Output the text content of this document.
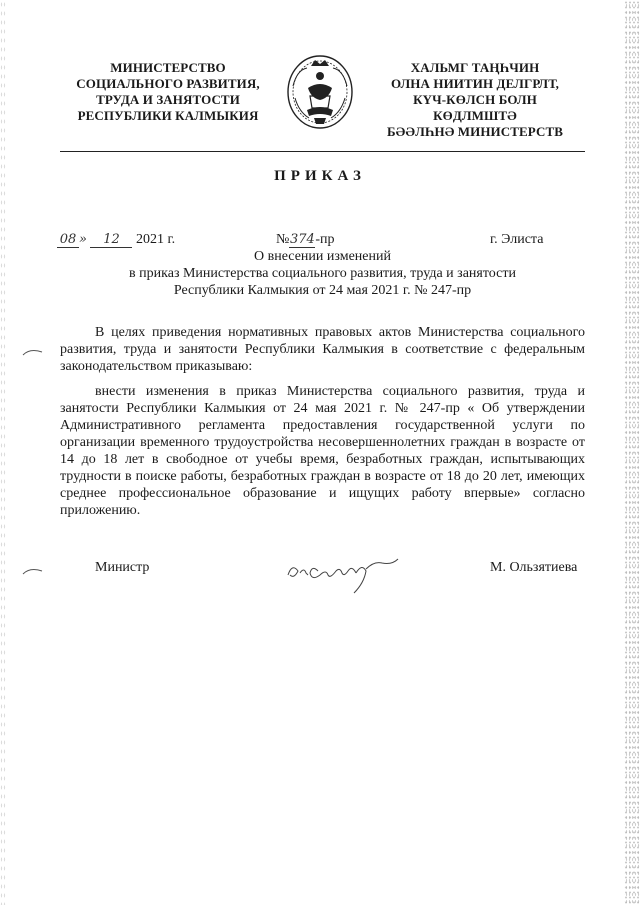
МИНИСТЕРСТВО
СОЦИАЛЬНОГО РАЗВИТИЯ,
ТРУДА И ЗАНЯТОСТИ
РЕСПУБЛИКИ КАЛМЫКИЯ
ХАЛЬМГ ТАҢҺЧИН
ОЛНА НИИТИН ДЕЛГРЛТ,
КҮЧ-КӨЛСН БОЛН
КӨДЛМШТӘ
БӘӘЛҺНӘ МИНИСТЕРСТВ
ПРИКАЗ
08 » 12 2021 г.	№374-пр	г. Элиста
О внесении изменений
в приказ Министерства социального развития, труда и занятости
Республики Калмыкия от 24 мая 2021 г. № 247-пр
В целях приведения нормативных правовых актов Министерства социального развития, труда и занятости Республики Калмыкия в соответствие с федеральным законодательством приказываю:
внести изменения в приказ Министерства социального развития, труда и занятости Республики Калмыкия от 24 мая 2021 г. № 247-пр « Об утверждении Административного регламента предоставления государственной услуги по организации временного трудоустройства несовершеннолетних граждан в возрасте от 14 до 18 лет в свободное от учебы время, безработных граждан, испытывающих трудности в поиске работы, безработных граждан в возрасте от 18 до 20 лет, имеющих среднее профессиональное образование и ищущих работу впервые» согласно приложению.
Министр	М. Ользятиева
